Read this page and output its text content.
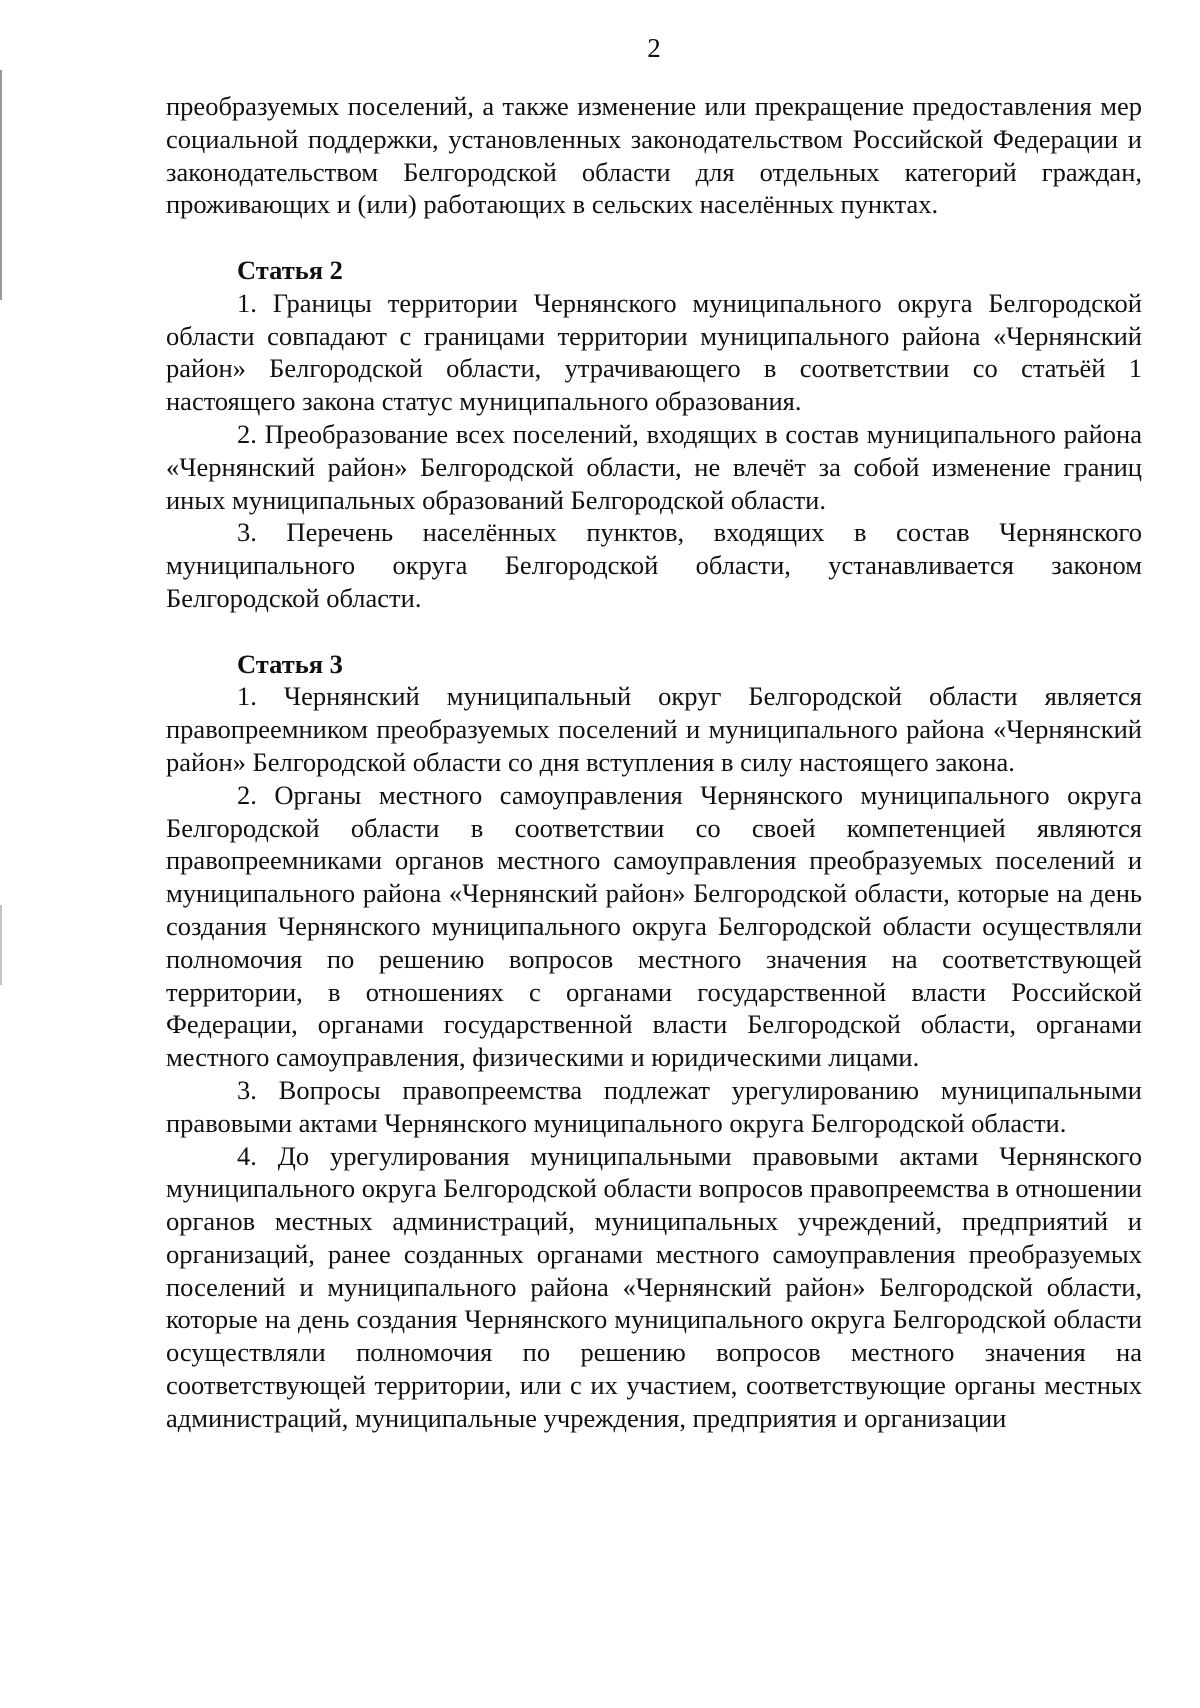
2

преобразуемых поселений, а также изменение или прекращение предоставления мер социальной поддержки, установленных законодательством Российской Федерации и законодательством Белгородской области для отдельных категорий граждан, проживающих и (или) работающих в сельских населённых пунктах.

Статья 2

1. Границы территории Чернянского муниципального округа Белгородской области совпадают с границами территории муниципального района «Чернянский район» Белгородской области, утрачивающего в соответствии со статьёй 1 настоящего закона статус муниципального образования.

2. Преобразование всех поселений, входящих в состав муниципального района «Чернянский район» Белгородской области, не влечёт за собой изменение границ иных муниципальных образований Белгородской области.

3. Перечень населённых пунктов, входящих в состав Чернянского муниципального округа Белгородской области, устанавливается законом Белгородской области.

Статья 3

1. Чернянский муниципальный округ Белгородской области является правопреемником преобразуемых поселений и муниципального района «Чернянский район» Белгородской области со дня вступления в силу настоящего закона.

2. Органы местного самоуправления Чернянского муниципального округа Белгородской области в соответствии со своей компетенцией являются правопреемниками органов местного самоуправления преобразуемых поселений и муниципального района «Чернянский район» Белгородской области, которые на день создания Чернянского муниципального округа Белгородской области осуществляли полномочия по решению вопросов местного значения на соответствующей территории, в отношениях с органами государственной власти Российской Федерации, органами государственной власти Белгородской области, органами местного самоуправления, физическими и юридическими лицами.

3. Вопросы правопреемства подлежат урегулированию муниципальными правовыми актами Чернянского муниципального округа Белгородской области.

4. До урегулирования муниципальными правовыми актами Чернянского муниципального округа Белгородской области вопросов правопреемства в отношении органов местных администраций, муниципальных учреждений, предприятий и организаций, ранее созданных органами местного самоуправления преобразуемых поселений и муниципального района «Чернянский район» Белгородской области, которые на день создания Чернянского муниципального округа Белгородской области осуществляли полномочия по решению вопросов местного значения на соответствующей территории, или с их участием, соответствующие органы местных администраций, муниципальные учреждения, предприятия и организации
